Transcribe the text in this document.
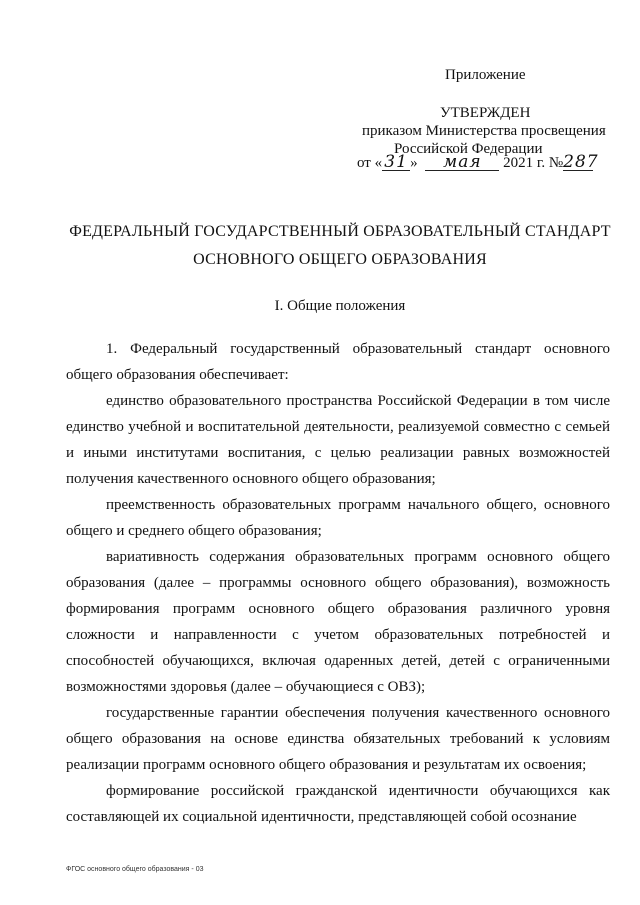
Приложение
УТВЕРЖДЕН
приказом Министерства просвещения
Российской Федерации
от « 31 » мая 2021 г. №287
ФЕДЕРАЛЬНЫЙ ГОСУДАРСТВЕННЫЙ ОБРАЗОВАТЕЛЬНЫЙ СТАНДАРТ
ОСНОВНОГО ОБЩЕГО ОБРАЗОВАНИЯ
I. Общие положения

1. Федеральный государственный образовательный стандарт основного общего образования обеспечивает:

единство образовательного пространства Российской Федерации в том числе единство учебной и воспитательной деятельности, реализуемой совместно с семьей и иными институтами воспитания, с целью реализации равных возможностей получения качественного основного общего образования;

преемственность образовательных программ начального общего, основного общего и среднего общего образования;

вариативность содержания образовательных программ основного общего образования (далее – программы основного общего образования), возможность формирования программ основного общего образования различного уровня сложности и направленности с учетом образовательных потребностей и способностей обучающихся, включая одаренных детей, детей с ограниченными возможностями здоровья (далее – обучающиеся с ОВЗ);

государственные гарантии обеспечения получения качественного основного общего образования на основе единства обязательных требований к условиям реализации программ основного общего образования и результатам их освоения;

формирование российской гражданской идентичности обучающихся как составляющей их социальной идентичности, представляющей собой осознание

ФГОС основного общего образования - 03
